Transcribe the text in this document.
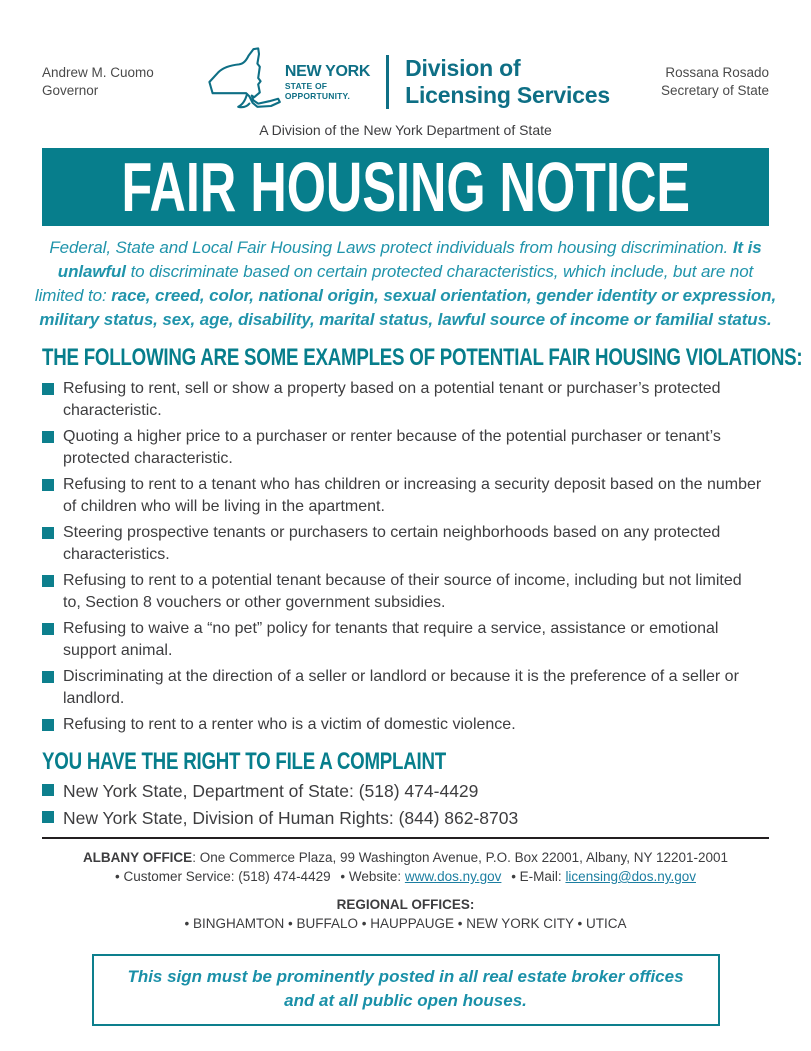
Andrew M. Cuomo
Governor
NEW YORK
STATE OF
OPPORTUNITY.
Division of
Licensing Services
Rossana Rosado
Secretary of State
A Division of the New York Department of State
FAIR HOUSING NOTICE

Federal, State and Local Fair Housing Laws protect individuals from housing discrimination. It is unlawful to discriminate based on certain protected characteristics, which include, but are not limited to: race, creed, color, national origin, sexual orientation, gender identity or expression, military status, sex, age, disability, marital status, lawful source of income or familial status.

THE FOLLOWING ARE SOME EXAMPLES OF POTENTIAL FAIR HOUSING VIOLATIONS:
Refusing to rent, sell or show a property based on a potential tenant or purchaser’s protected characteristic.
Quoting a higher price to a purchaser or renter because of the potential purchaser or tenant’s protected characteristic.
Refusing to rent to a tenant who has children or increasing a security deposit based on the number of children who will be living in the apartment.
Steering prospective tenants or purchasers to certain neighborhoods based on any protected characteristics.
Refusing to rent to a potential tenant because of their source of income, including but not limited to, Section 8 vouchers or other government subsidies.
Refusing to waive a “no pet” policy for tenants that require a service, assistance or emotional support animal.
Discriminating at the direction of a seller or landlord or because it is the preference of a seller or landlord.
Refusing to rent to a renter who is a victim of domestic violence.
YOU HAVE THE RIGHT TO FILE A COMPLAINT
New York State, Department of State: (518) 474-4429
New York State, Division of Human Rights: (844) 862-8703
ALBANY OFFICE: One Commerce Plaza, 99 Washington Avenue, P.O. Box 22001, Albany, NY 12201-2001
• Customer Service: (518) 474-4429 • Website: www.dos.ny.gov • E-Mail: licensing@dos.ny.gov
REGIONAL OFFICES:
• BINGHAMTON • BUFFALO • HAUPPAUGE • NEW YORK CITY • UTICA
This sign must be prominently posted in all real estate broker offices
and at all public open houses.
